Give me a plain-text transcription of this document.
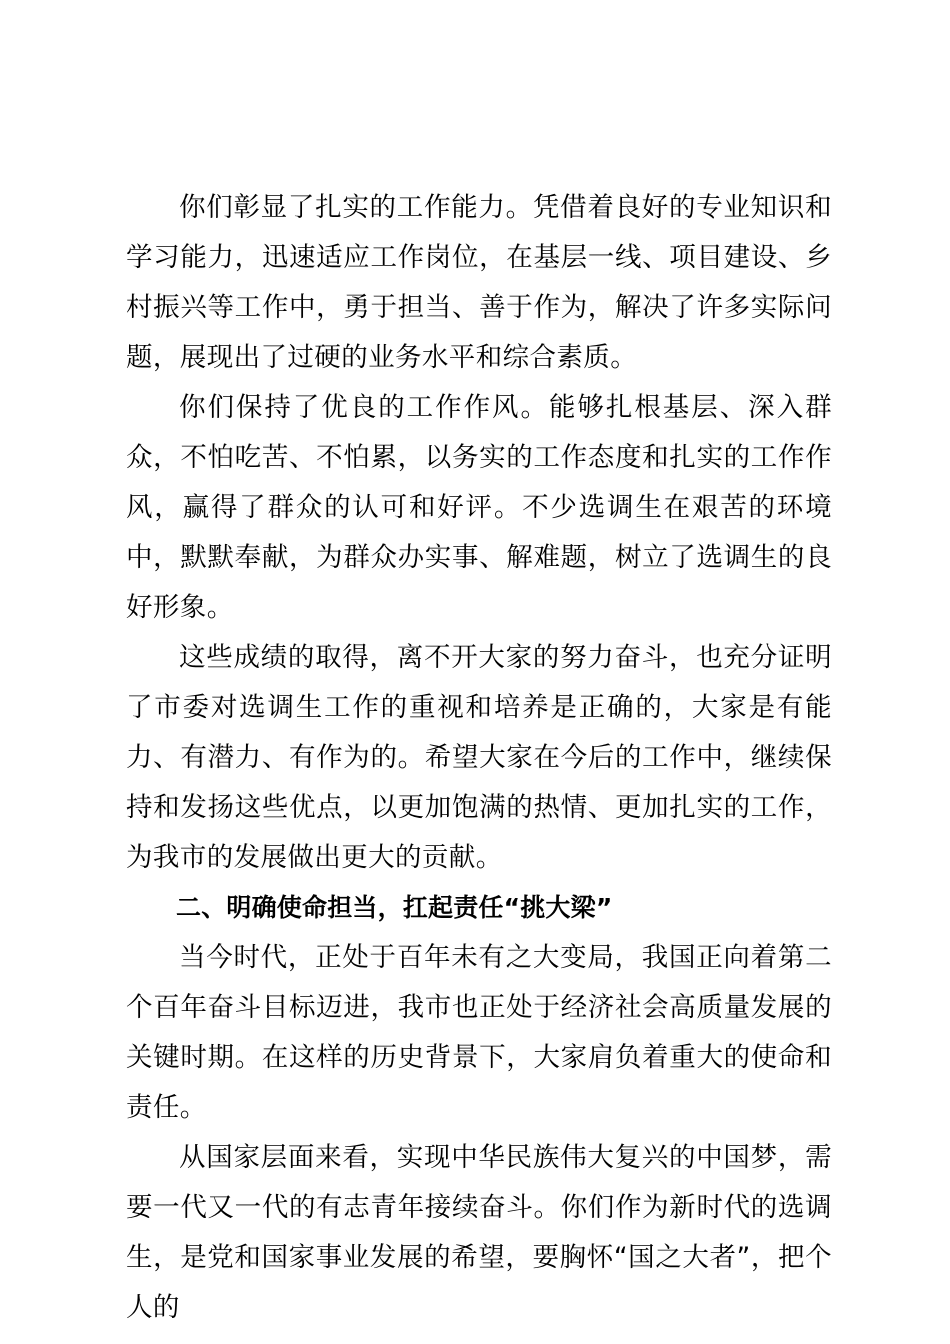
你们彰显了扎实的工作能力。凭借着良好的专业知识和学习能力，迅速适应工作岗位，在基层一线、项目建设、乡村振兴等工作中，勇于担当、善于作为，解决了许多实际问题，展现出了过硬的业务水平和综合素质。

你们保持了优良的工作作风。能够扎根基层、深入群众，不怕吃苦、不怕累，以务实的工作态度和扎实的工作作风，赢得了群众的认可和好评。不少选调生在艰苦的环境中，默默奉献，为群众办实事、解难题，树立了选调生的良好形象。

这些成绩的取得，离不开大家的努力奋斗，也充分证明了市委对选调生工作的重视和培养是正确的，大家是有能力、有潜力、有作为的。希望大家在今后的工作中，继续保持和发扬这些优点，以更加饱满的热情、更加扎实的工作，为我市的发展做出更大的贡献。

二、明确使命担当，扛起责任“挑大梁”

当今时代，正处于百年未有之大变局，我国正向着第二个百年奋斗目标迈进，我市也正处于经济社会高质量发展的关键时期。在这样的历史背景下，大家肩负着重大的使命和责任。

从国家层面来看，实现中华民族伟大复兴的中国梦，需要一代又一代的有志青年接续奋斗。你们作为新时代的选调生，是党和国家事业发展的希望，要胸怀“国之大者”，把个人的
